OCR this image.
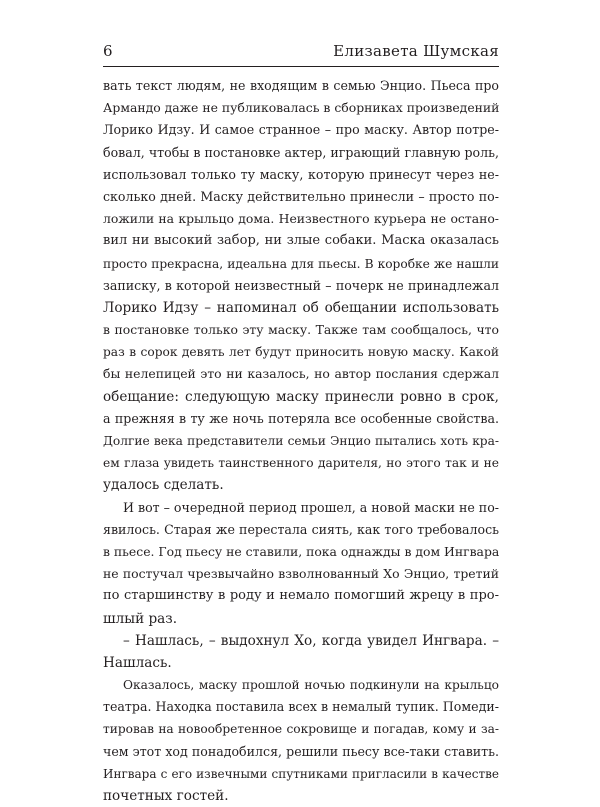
6	Елизавета Шумская

вать текст людям, не входящим в семью Энцио. Пьеса про
Армандо даже не публиковалась в сборниках произведений
Лорико Идзу. И самое странное – про маску. Автор потре-
бовал, чтобы в постановке актер, играющий главную роль,
использовал только ту маску, которую принесут через не-
сколько дней. Маску действительно принесли – просто по-
ложили на крыльцо дома. Неизвестного курьера не остано-
вил ни высокий забор, ни злые собаки. Маска оказалась
просто прекрасна, идеальна для пьесы. В коробке же нашли
записку, в которой неизвестный – почерк не принадлежал
Лорико Идзу – напоминал об обещании использовать
в постановке только эту маску. Также там сообщалось, что
раз в сорок девять лет будут приносить новую маску. Какой
бы нелепицей это ни казалось, но автор послания сдержал
обещание: следующую маску принесли ровно в срок,
а прежняя в ту же ночь потеряла все особенные свойства.
Долгие века представители семьи Энцио пытались хоть кра-
ем глаза увидеть таинственного дарителя, но этого так и не
удалось сделать.

И вот – очередной период прошел, а новой маски не по-
явилось. Старая же перестала сиять, как того требовалось
в пьесе. Год пьесу не ставили, пока однажды в дом Ингвара
не постучал чрезвычайно взволнованный Хо Энцио, третий
по старшинству в роду и немало помогший жрецу в про-
шлый раз.

– Нашлась, – выдохнул Хо, когда увидел Ингвара. –
Нашлась.

Оказалось, маску прошлой ночью подкинули на крыльцо
театра. Находка поставила всех в немалый тупик. Помеди-
тировав на новообретенное сокровище и погадав, кому и за-
чем этот ход понадобился, решили пьесу все-таки ставить.
Ингвара с его извечными спутниками пригласили в качестве
почетных гостей.
